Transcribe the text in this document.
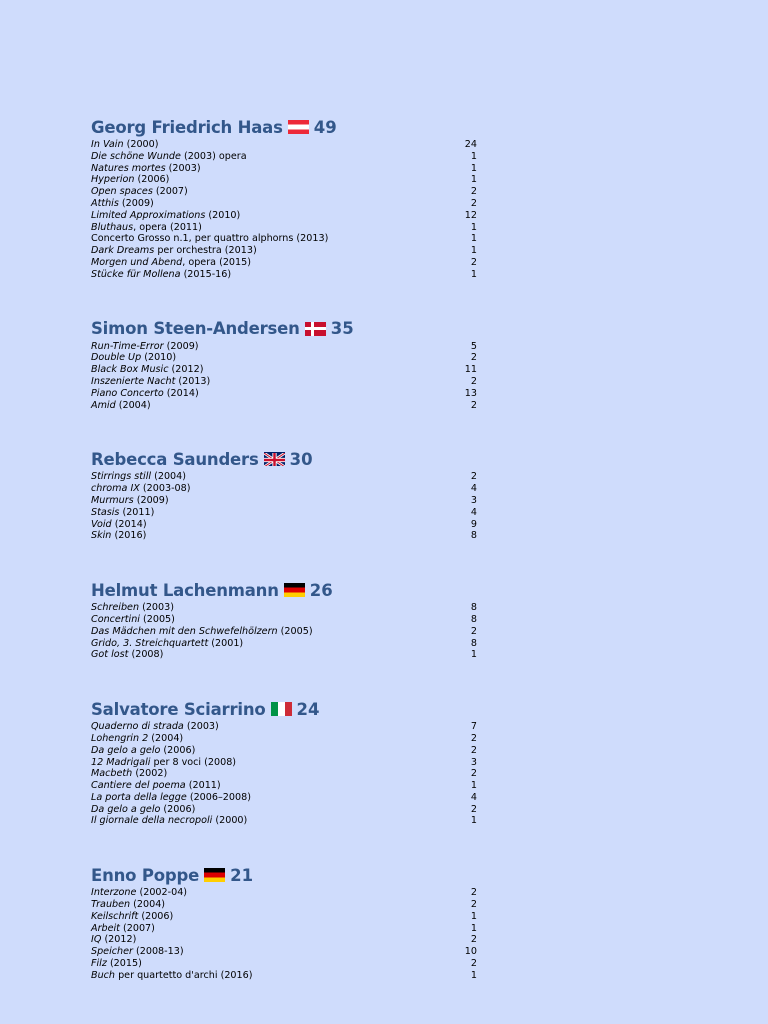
Georg Friedrich Haas 49
In Vain (2000)	24
Die schöne Wunde (2003) opera	1
Natures mortes (2003)	1
Hyperion (2006)	1
Open spaces (2007)	2
Atthis (2009)	2
Limited Approximations (2010)	12
Bluthaus, opera (2011)	1
Concerto Grosso n.1, per quattro alphorns (2013)	1
Dark Dreams per orchestra (2013)	1
Morgen und Abend, opera (2015)	2
Stücke für Mollena (2015-16)	1
Simon Steen-Andersen 35
Run-Time-Error (2009)	5
Double Up (2010)	2
Black Box Music (2012)	11
Inszenierte Nacht (2013)	2
Piano Concerto (2014)	13
Amid (2004)	2
Rebecca Saunders 30
Stirrings still (2004)	2
chroma IX (2003-08)	4
Murmurs (2009)	3
Stasis (2011)	4
Void (2014)	9
Skin (2016)	8
Helmut Lachenmann 26
Schreiben (2003)	8
Concertini (2005)	8
Das Mädchen mit den Schwefelhölzern (2005)	2
Grido, 3. Streichquartett (2001)	8
Got lost (2008)	1
Salvatore Sciarrino 24
Quaderno di strada (2003)	7
Lohengrin 2 (2004)	2
Da gelo a gelo (2006)	2
12 Madrigali per 8 voci (2008)	3
Macbeth (2002)	2
Cantiere del poema (2011)	1
La porta della legge (2006–2008)	4
Da gelo a gelo (2006)	2
Il giornale della necropoli (2000)	1
Enno Poppe 21
Interzone (2002-04)	2
Trauben (2004)	2
Keilschrift (2006)	1
Arbeit (2007)	1
IQ (2012)	2
Speicher (2008-13)	10
Filz (2015)	2
Buch per quartetto d'archi (2016)	1
